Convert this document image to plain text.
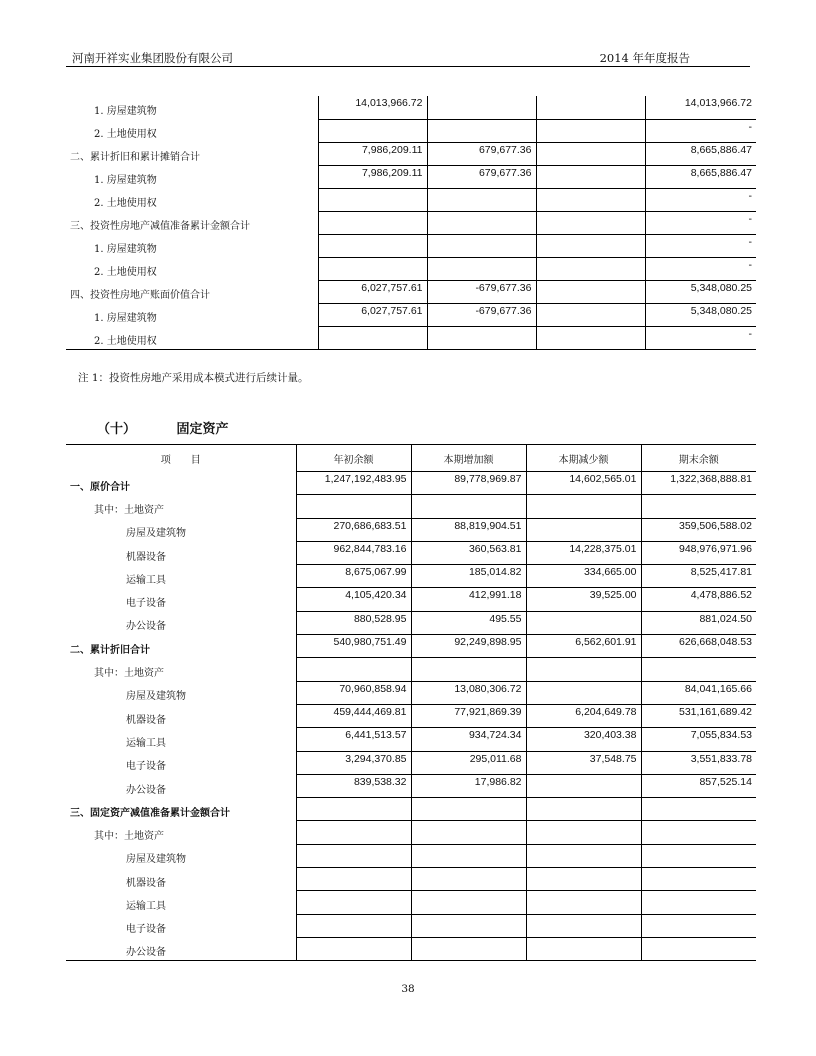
河南开祥实业集团股份有限公司	2014 年年度报告
1. 房屋建筑物	14,013,966.72			14,013,966.72
2. 土地使用权				-
二、累计折旧和累计摊销合计	7,986,209.11	679,677.36		8,665,886.47
1. 房屋建筑物	7,986,209.11	679,677.36		8,665,886.47
2. 土地使用权				-
三、投资性房地产减值准备累计金额合计				-
1. 房屋建筑物				-
2. 土地使用权				-
四、投资性房地产账面价值合计	6,027,757.61	-679,677.36		5,348,080.25
1. 房屋建筑物	6,027,757.61	-679,677.36		5,348,080.25
2. 土地使用权				-
注 1：投资性房地产采用成本模式进行后续计量。
（十）	固定资产
项　　目	年初余额	本期增加额	本期减少额	期末余额
一、原价合计	1,247,192,483.95	89,778,969.87	14,602,565.01	1,322,368,888.81
其中：土地资产				
房屋及建筑物	270,686,683.51	88,819,904.51		359,506,588.02
机器设备	962,844,783.16	360,563.81	14,228,375.01	948,976,971.96
运输工具	8,675,067.99	185,014.82	334,665.00	8,525,417.81
电子设备	4,105,420.34	412,991.18	39,525.00	4,478,886.52
办公设备	880,528.95	495.55		881,024.50
二、累计折旧合计	540,980,751.49	92,249,898.95	6,562,601.91	626,668,048.53
其中：土地资产				
房屋及建筑物	70,960,858.94	13,080,306.72		84,041,165.66
机器设备	459,444,469.81	77,921,869.39	6,204,649.78	531,161,689.42
运输工具	6,441,513.57	934,724.34	320,403.38	7,055,834.53
电子设备	3,294,370.85	295,011.68	37,548.75	3,551,833.78
办公设备	839,538.32	17,986.82		857,525.14
三、固定资产减值准备累计金额合计				
其中：土地资产				
房屋及建筑物				
机器设备				
运输工具				
电子设备				
办公设备				
38
